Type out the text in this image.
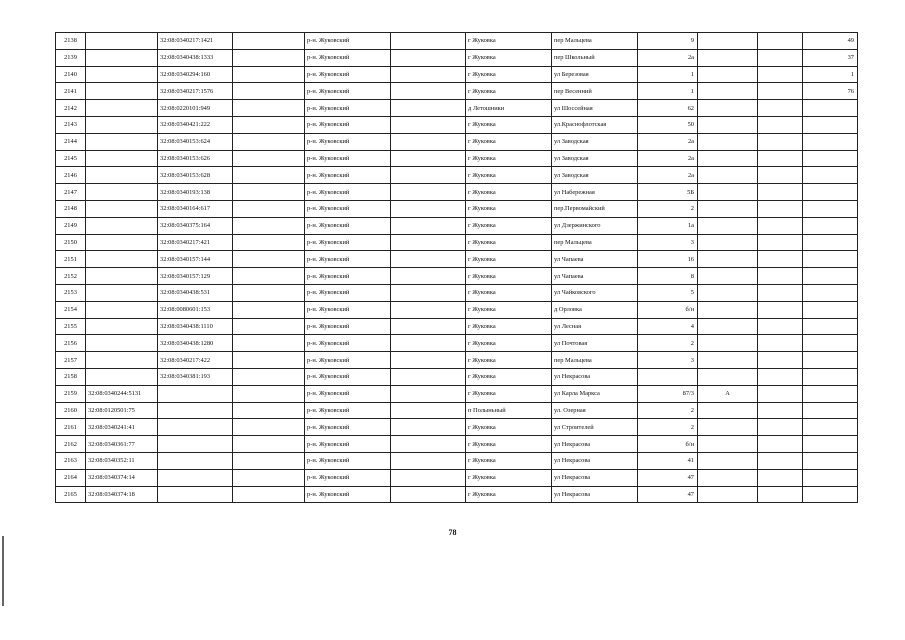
2138		32:08:0340217:1421		р-н. Жуковский		г Жуковка	пер Мальцева	9			49
2139		32:08:0340438:1333		р-н. Жуковский		г Жуковка	пер Школьный	2а			37
2140		32:08:0340294:160		р-н. Жуковский		г Жуковка	ул Березовая	1			1
2141		32:08:0340217:1576		р-н. Жуковский		г Жуковка	пер Весенний	1			76
2142		32:08:0220101:949		р-н. Жуковский		д Летошники	ул Шоссейная	62			
2143		32:08:0340421:222		р-н. Жуковский		г Жуковка	ул.Краснофлотская	50			
2144		32:08:0340153:624		р-н. Жуковский		г Жуковка	ул Заводская	2а			
2145		32:08:0340153:626		р-н. Жуковский		г Жуковка	ул Заводская	2а			
2146		32:08:0340153:628		р-н. Жуковский		г Жуковка	ул Заводская	2а			
2147		32:08:0340193:138		р-н. Жуковский		г Жуковка	ул Набережная	5Б			
2148		32:08:0340164:617		р-н. Жуковский		г Жуковка	пер.Первомайский	2			
2149		32:08:0340375:164		р-н. Жуковский		г Жуковка	ул Дзержинского	1а			
2150		32:08:0340217:421		р-н. Жуковский		г Жуковка	пер Мальцева	3			
2151		32:08:0340157:144		р-н. Жуковский		г Жуковка	ул Чапаева	16			
2152		32:08:0340157:129		р-н. Жуковский		г Жуковка	ул Чапаева	8			
2153		32:08:0340438:531		р-н. Жуковский		г Жуковка	ул Чайковского	5			
2154		32:08:0080601:153		р-н. Жуковский		г Жуковка	д Орловка	б/н			
2155		32:08:0340438:1110		р-н. Жуковский		г Жуковка	ул Лесная	4			
2156		32:08:0340438:1280		р-н. Жуковский		г Жуковка	ул Почтовая	2			
2157		32:08:0340217:422		р-н. Жуковский		г Жуковка	пер Мальцева	3			
2158		32:08:0340381:193		р-н. Жуковский		г Жуковка	ул Некрасова				
2159	32:08:0340244:5131			р-н. Жуковский		г Жуковка	ул Карла Маркса	87/3	А		
2160	32:08:0120501:75			р-н. Жуковский		п Полыньный	ул. Озерная	2			
2161	32:08:0340241:41			р-н. Жуковский		г Жуковка	ул Строителей	2			
2162	32:08:0340361:77			р-н. Жуковский		г Жуковка	ул Некрасова	б/н			
2163	32:08:0340352:11			р-н. Жуковский		г Жуковка	ул Некрасова	41			
2164	32:08:0340374:14			р-н. Жуковский		г Жуковка	ул Некрасова	47			
2165	32:08:0340374:18			р-н. Жуковский		г Жуковка	ул Некрасова	47			
78
